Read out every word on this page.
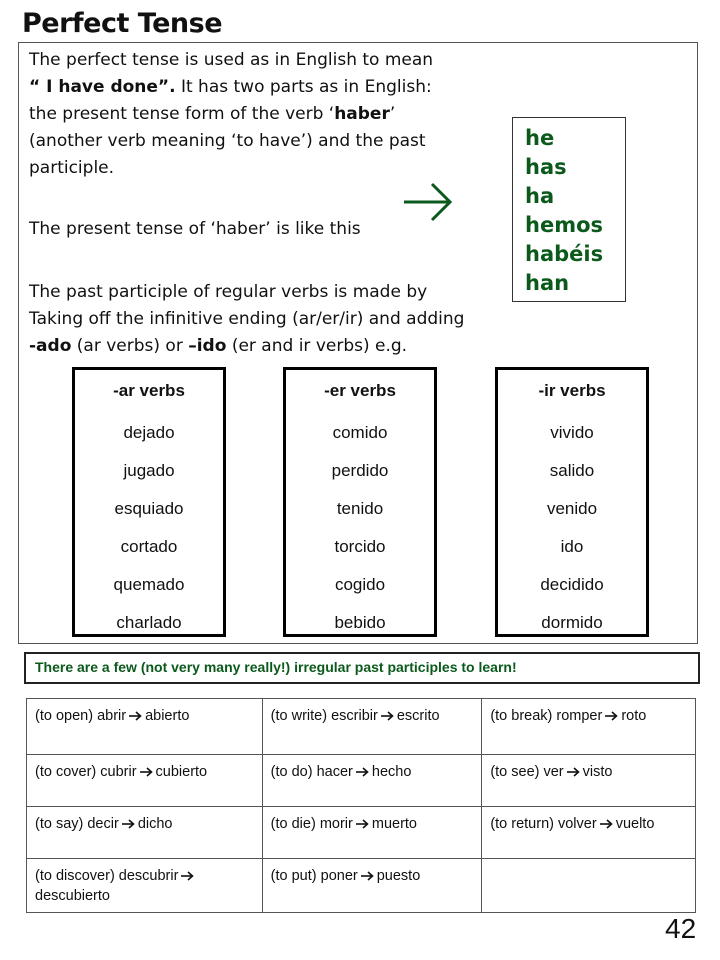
Perfect Tense
The perfect tense is used as in English to mean
“ I have done”. It has two parts as in English:
the present tense form of the verb ‘haber’
(another verb meaning ‘to have’) and the past
participle.
The present tense of ‘haber’ is like this
The past participle of regular verbs is made by
Taking off the infinitive ending (ar/er/ir) and adding
-ado (ar verbs) or –ido (er and ir verbs) e.g.
he
has
ha
hemos
habéis
han
-ar verbs
dejado
jugado
esquiado
cortado
quemado
charlado
-er verbs
comido
perdido
tenido
torcido
cogido
bebido
-ir verbs
vivido
salido
venido
ido
decidido
dormido
There are a few (not very many really!) irregular past participles to learn!
(to open) abrir abierto	(to write) escribir escrito	(to break) romper roto
(to cover) cubrir cubierto	(to do) hacer hecho	(to see) ver visto
(to say) decir dicho	(to die) morir muerto	(to return) volver vuelto
(to discover) descubrirdescubierto	(to put) poner puesto	
42
